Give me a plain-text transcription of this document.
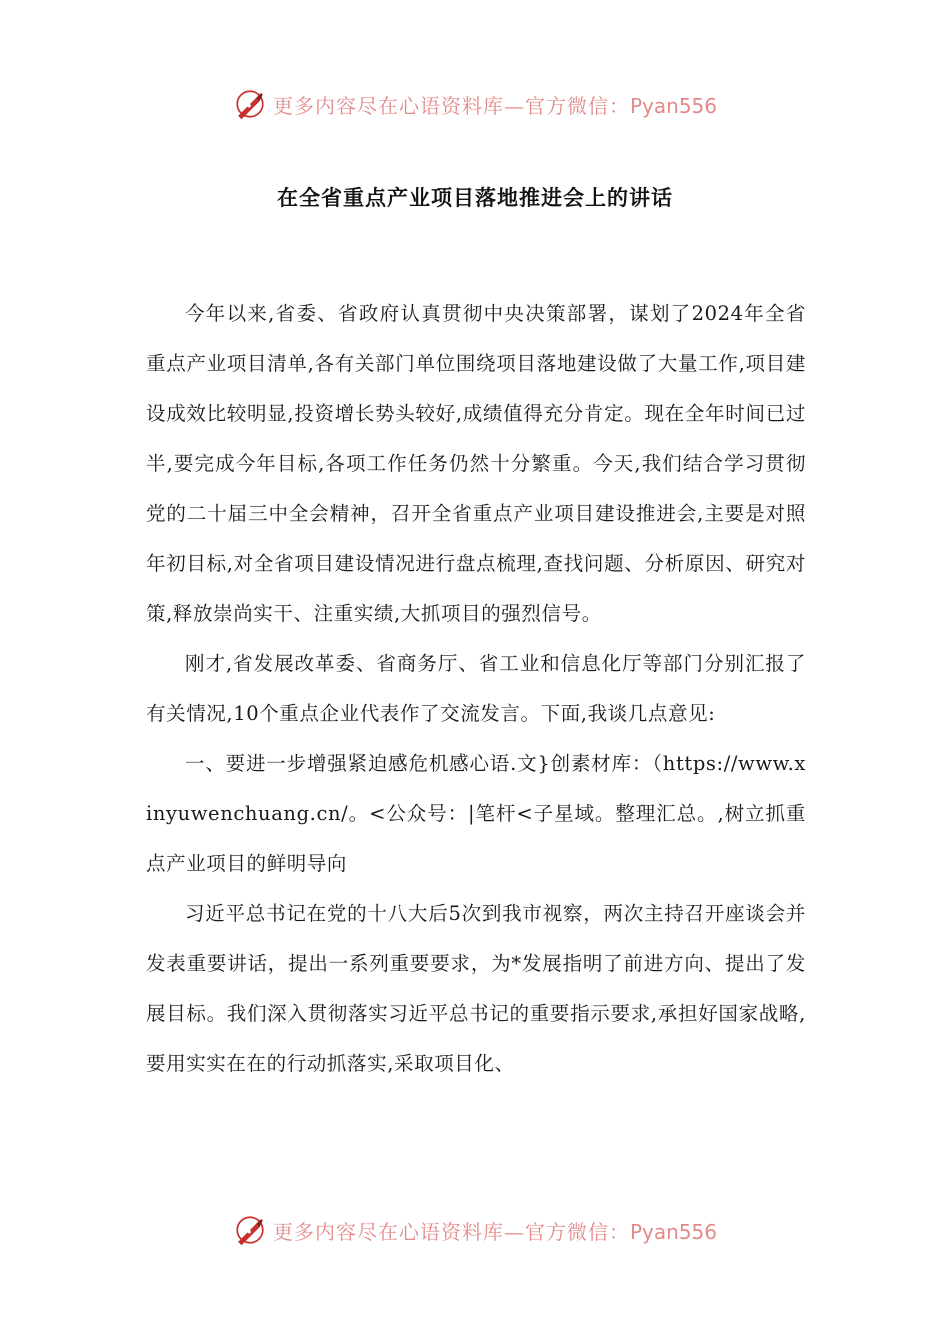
更多内容尽在心语资料库—官方微信：Pyan556
在全省重点产业项目落地推进会上的讲话

今年以来,省委、省政府认真贯彻中央决策部署，谋划了2024年全省重点产业项目清单,各有关部门单位围绕项目落地建设做了大量工作,项目建设成效比较明显,投资增长势头较好,成绩值得充分肯定。现在全年时间已过半,要完成今年目标,各项工作任务仍然十分繁重。今天,我们结合学习贯彻党的二十届三中全会精神，召开全省重点产业项目建设推进会,主要是对照年初目标,对全省项目建设情况进行盘点梳理,查找问题、分析原因、研究对策,释放崇尚实干、注重实绩,大抓项目的强烈信号。

刚才,省发展改革委、省商务厅、省工业和信息化厅等部门分别汇报了有关情况,10个重点企业代表作了交流发言。下面,我谈几点意见:

一、要进一步增强紧迫感危机感心语.文}创素材库：（https://www.xinyuwenchuang.cn/。<公众号：|笔杆<子星域。整理汇总。,树立抓重点产业项目的鲜明导向

习近平总书记在党的十八大后5次到我市视察，两次主持召开座谈会并发表重要讲话，提出一系列重要要求，为*发展指明了前进方向、提出了发展目标。我们深入贯彻落实习近平总书记的重要指示要求,承担好国家战略,要用实实在在的行动抓落实,采取项目化、

更多内容尽在心语资料库—官方微信：Pyan556
